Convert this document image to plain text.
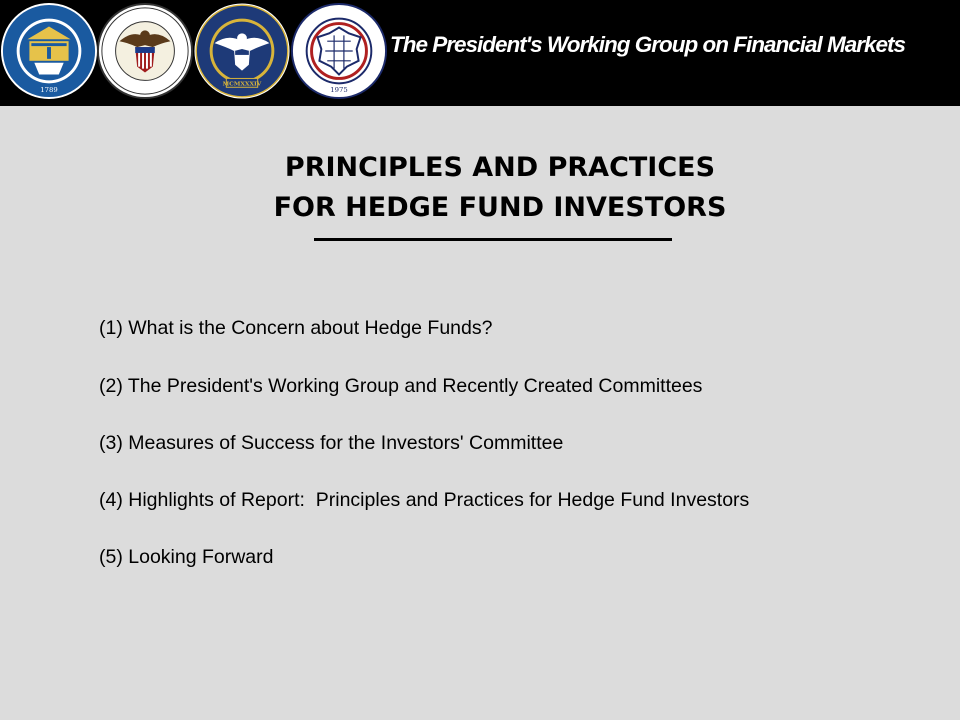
1789
MCMXXXIV
1975
The President's Working Group on Financial Markets
PRINCIPLES AND PRACTICES
FOR HEDGE FUND INVESTORS
(1) What is the Concern about Hedge Funds?
(2) The President's Working Group and Recently Created Committees
(3) Measures of Success for the Investors' Committee
(4) Highlights of Report:  Principles and Practices for Hedge Fund Investors
(5) Looking Forward
